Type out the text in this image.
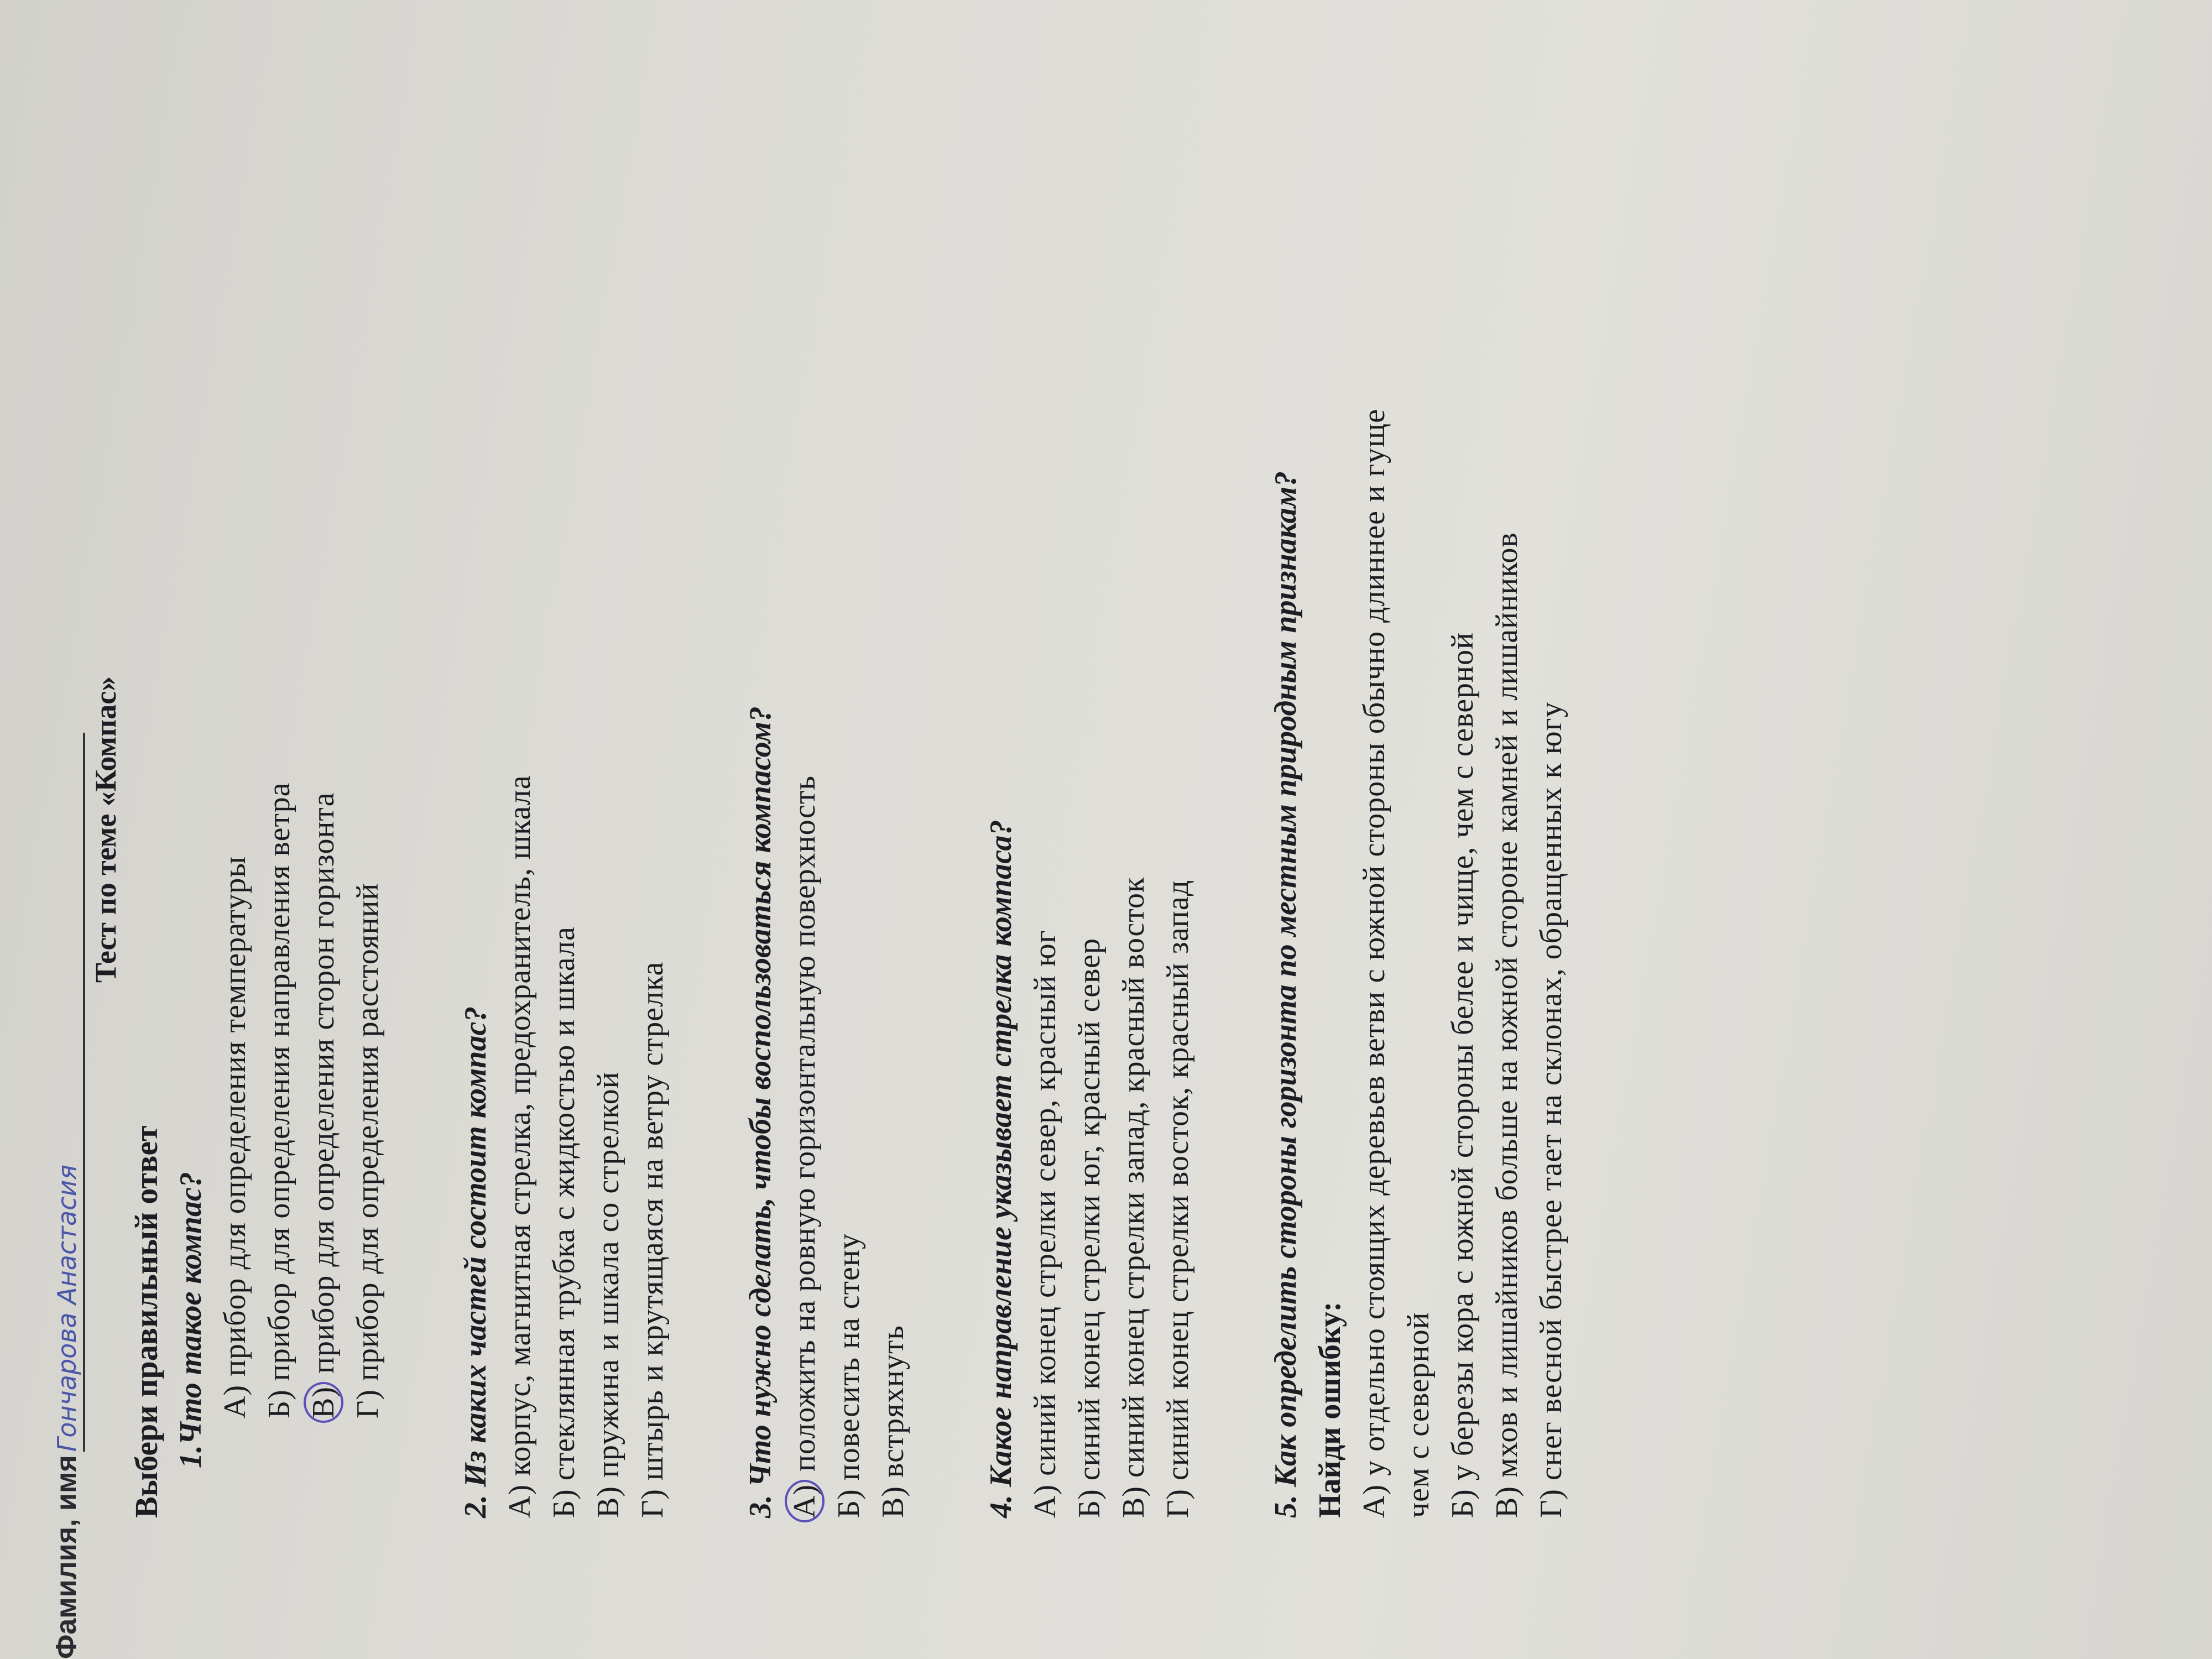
Фамилия, имяГончарова Анастасия
Тест по теме «Компас»
Выбери правильный ответ 1.Что такое компас? А) прибор для определения температуры
Б) прибор для определения направления ветра
В) прибор для определения сторон горизонта
Г) прибор для определения расстояний
2. Из каких частей состоит компас?
А) корпус, магнитная стрелка, предохранитель, шкала
Б) стеклянная трубка с жидкостью и шкала
В) пружина и шкала со стрелкой
Г) штырь и крутящаяся на ветру стрелка
3. Что нужно сделать, чтобы воспользоваться компасом?
А) положить на ровную горизонтальную поверхность
Б) повесить на стену
В) встряхнуть
4. Какое направление указывает стрелка компаса?
А) синий конец стрелки север, красный юг
Б) синий конец стрелки юг, красный север
В) синий конец стрелки запад, красный восток
Г) синий конец стрелки восток, красный запад
5. Как определить стороны горизонта по местным природным признакам? Найди ошибку: А) у отдельно стоящих деревьев ветви с южной стороны обычно длиннее и гуще чем с северной Б) у березы кора с южной стороны белее и чище, чем с северной
В) мхов и лишайников больше на южной стороне камней и лишайников
Г) снег весной быстрее тает на склонах, обращенных к югу
